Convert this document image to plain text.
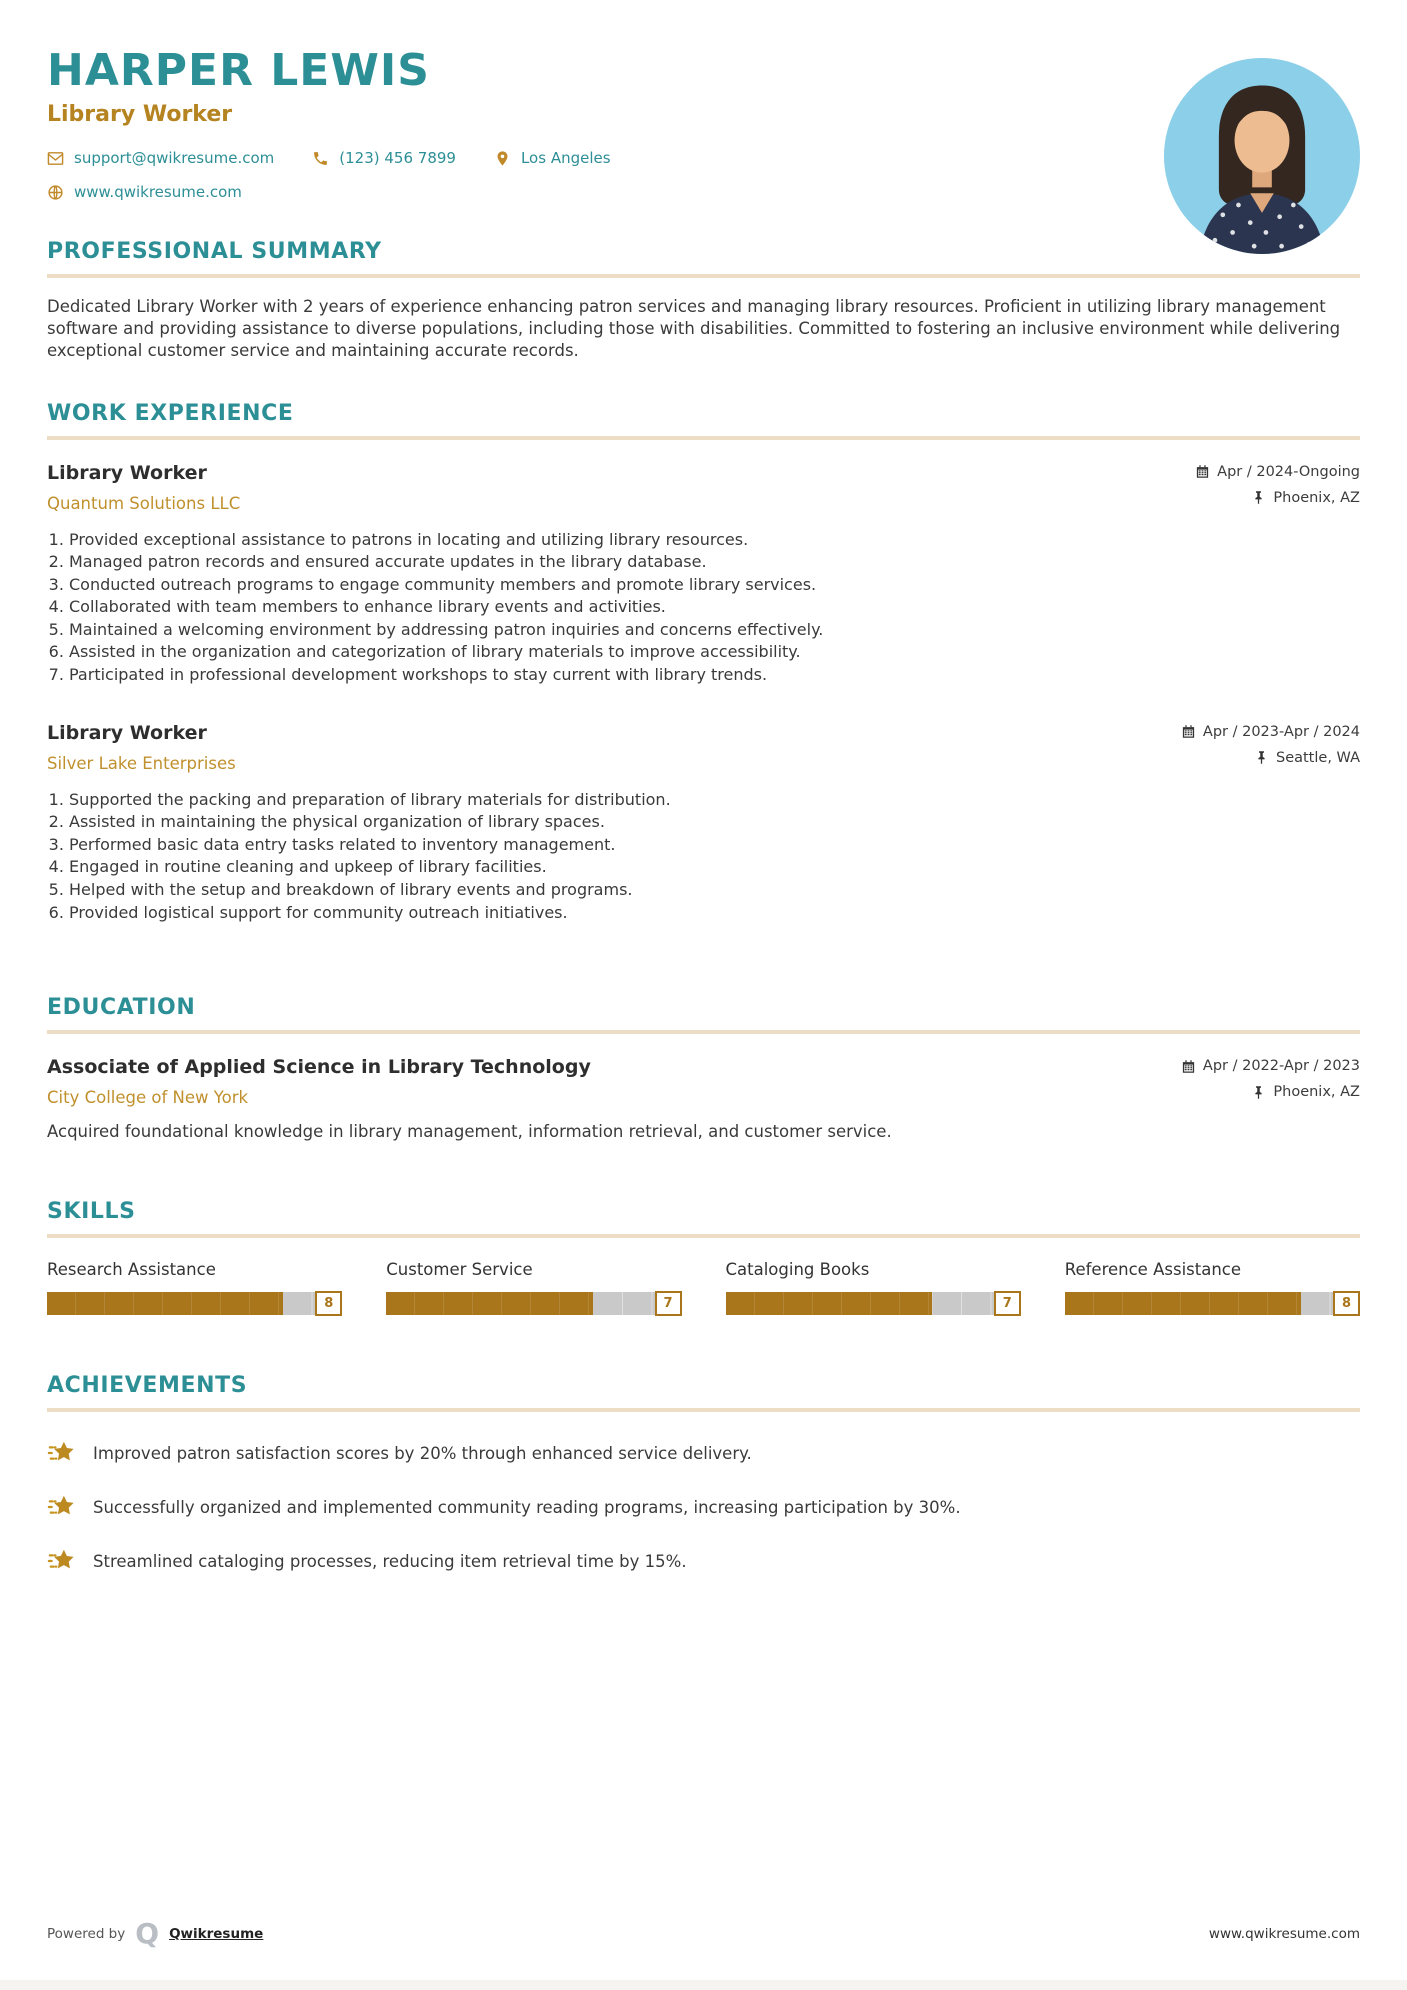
HARPER LEWIS
Library Worker
support@qwikresume.com	(123) 456 7899	Los Angeles
www.qwikresume.com
PROFESSIONAL SUMMARY

Dedicated Library Worker with 2 years of experience enhancing patron services and managing library resources. Proficient in utilizing library management software and providing assistance to diverse populations, including those with disabilities. Committed to fostering an inclusive environment while delivering exceptional customer service and maintaining accurate records.

WORK EXPERIENCE
Library Worker
Quantum Solutions LLC
Apr / 2024-Ongoing
Phoenix, AZ
1. Provided exceptional assistance to patrons in locating and utilizing library resources.
2. Managed patron records and ensured accurate updates in the library database.
3. Conducted outreach programs to engage community members and promote library services.
4. Collaborated with team members to enhance library events and activities.
5. Maintained a welcoming environment by addressing patron inquiries and concerns effectively.
6. Assisted in the organization and categorization of library materials to improve accessibility.
7. Participated in professional development workshops to stay current with library trends.
Library Worker
Silver Lake Enterprises
Apr / 2023-Apr / 2024
Seattle, WA
1. Supported the packing and preparation of library materials for distribution.
2. Assisted in maintaining the physical organization of library spaces.
3. Performed basic data entry tasks related to inventory management.
4. Engaged in routine cleaning and upkeep of library facilities.
5. Helped with the setup and breakdown of library events and programs.
6. Provided logistical support for community outreach initiatives.
EDUCATION
Associate of Applied Science in Library Technology
City College of New York
Apr / 2022-Apr / 2023
Phoenix, AZ

Acquired foundational knowledge in library management, information retrieval, and customer service.

SKILLS
Research Assistance
8
Customer Service
7
Cataloging Books
7
Reference Assistance
8
ACHIEVEMENTS
Improved patron satisfaction scores by 20% through enhanced service delivery.
Successfully organized and implemented community reading programs, increasing participation by 30%.
Streamlined cataloging processes, reducing item retrieval time by 15%.
Powered by Q Qwikresume	www.qwikresume.com
